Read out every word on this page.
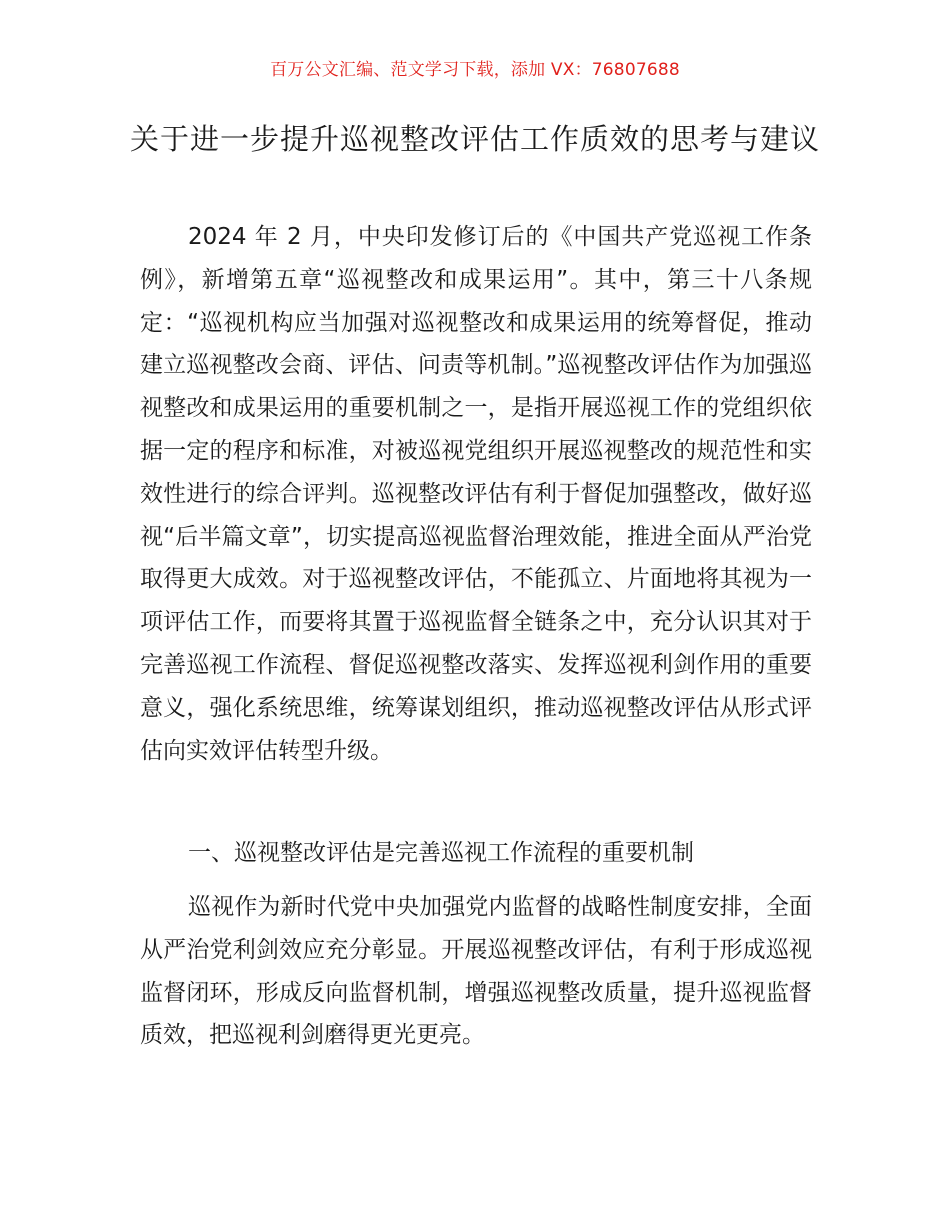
百万公文汇编、范文学习下载，添加 VX：76807688
关于进一步提升巡视整改评估工作质效的思考与建议

2024 年 2 月，中央印发修订后的《中国共产党巡视工作条例》，新增第五章“巡视整改和成果运用”。其中，第三十八条规定：“巡视机构应当加强对巡视整改和成果运用的统筹督促，推动建立巡视整改会商、评估、问责等机制。”巡视整改评估作为加强巡视整改和成果运用的重要机制之一，是指开展巡视工作的党组织依据一定的程序和标准，对被巡视党组织开展巡视整改的规范性和实效性进行的综合评判。巡视整改评估有利于督促加强整改，做好巡视“后半篇文章”，切实提高巡视监督治理效能，推进全面从严治党取得更大成效。对于巡视整改评估，不能孤立、片面地将其视为一项评估工作，而要将其置于巡视监督全链条之中，充分认识其对于完善巡视工作流程、督促巡视整改落实、发挥巡视利剑作用的重要意义，强化系统思维，统筹谋划组织，推动巡视整改评估从形式评估向实效评估转型升级。

一、巡视整改评估是完善巡视工作流程的重要机制

巡视作为新时代党中央加强党内监督的战略性制度安排，全面从严治党利剑效应充分彰显。开展巡视整改评估，有利于形成巡视监督闭环，形成反向监督机制，增强巡视整改质量，提升巡视监督质效，把巡视利剑磨得更光更亮。
